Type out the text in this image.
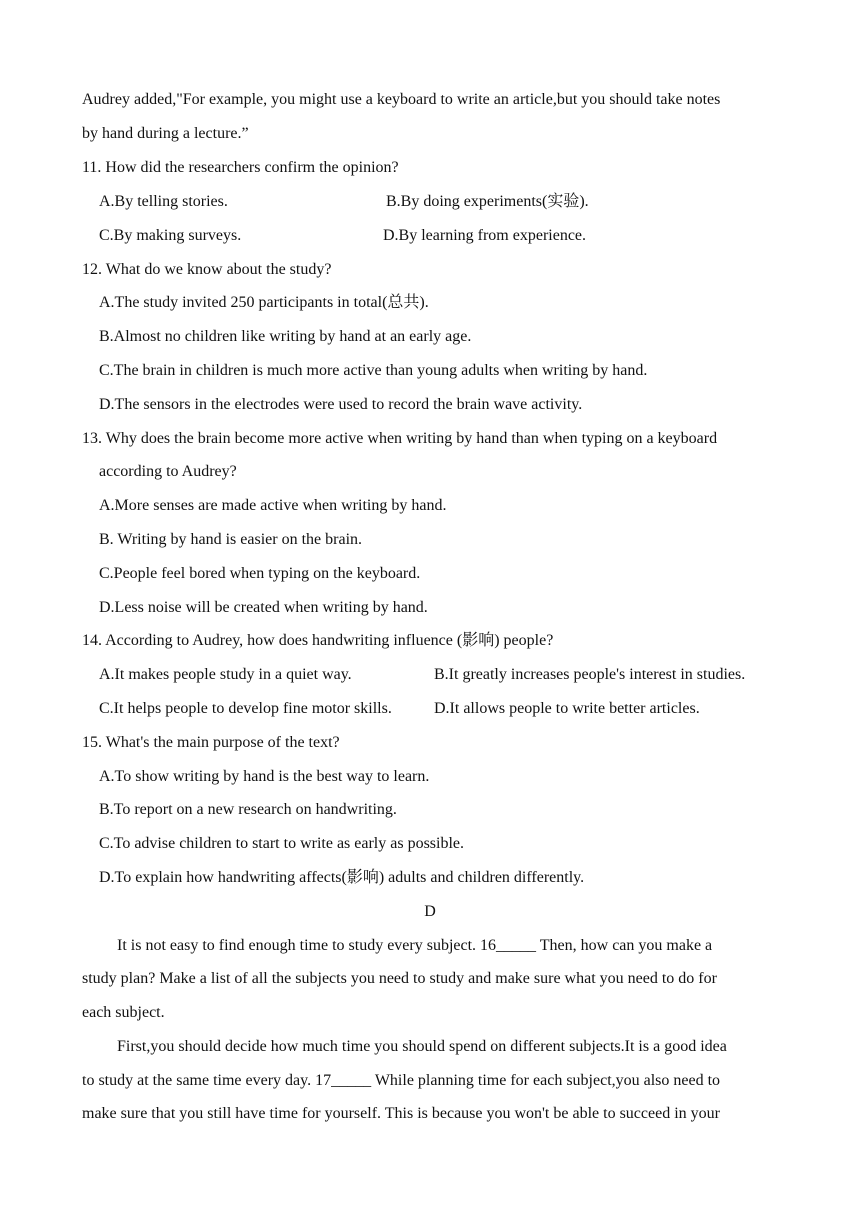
Audrey added,"For example, you might use a keyboard to write an article,but you should take notes
by hand during a lecture.”
11. How did the researchers confirm the opinion?
A.By telling stories.	B.By doing experiments(实验).
C.By making surveys.	D.By learning from experience.
12. What do we know about the study?
A.The study invited 250 participants in total(总共).
B.Almost no children like writing by hand at an early age.
C.The brain in children is much more active than young adults when writing by hand.
D.The sensors in the electrodes were used to record the brain wave activity.
13. Why does the brain become more active when writing by hand than when typing on a keyboard
according to Audrey?
A.More senses are made active when writing by hand.
B. Writing by hand is easier on the brain.
C.People feel bored when typing on the keyboard.
D.Less noise will be created when writing by hand.
14. According to Audrey, how does handwriting influence (影响) people?
A.It makes people study in a quiet way.	B.It greatly increases people's interest in studies.
C.It helps people to develop fine motor skills.	D.It allows people to write better articles.
15. What's the main purpose of the text?
A.To show writing by hand is the best way to learn.
B.To report on a new research on handwriting.
C.To advise children to start to write as early as possible.
D.To explain how handwriting affects(影响) adults and children differently.
D
It is not easy to find enough time to study every subject. 16_____ Then, how can you make a
study plan? Make a list of all the subjects you need to study and make sure what you need to do for
each subject.
First,you should decide how much time you should spend on different subjects.It is a good idea
to study at the same time every day. 17_____ While planning time for each subject,you also need to
make sure that you still have time for yourself. This is because you won't be able to succeed in your
